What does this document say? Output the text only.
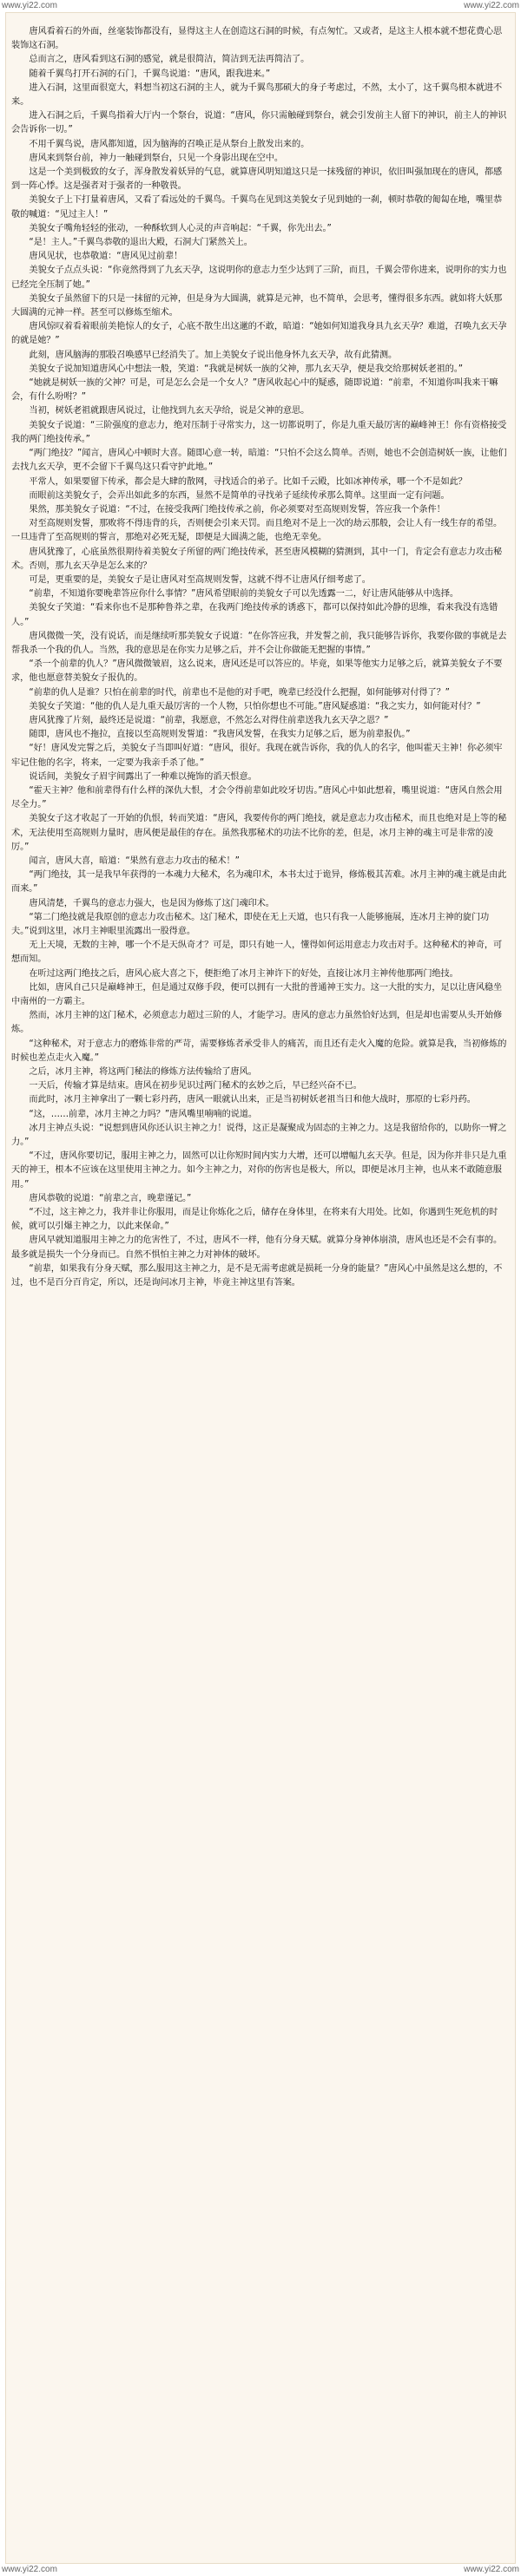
www.yi22.com	www.yi22.com

唐风看着石的外面，丝毫装饰都没有，显得这主人在创造这石洞的时候，有点匆忙。又或者，是这主人根本就不想花费心思装饰这石洞。

总而言之，唐风看到这石洞的感觉，就是很简洁，简洁到无法再简洁了。

随着千翼鸟打开石洞的石门，千翼鸟说道：“唐风，跟我进来。”

进入石洞，这里面很宽大，料想当初这石洞的主人，就为千翼鸟那硕大的身子考虑过，不然，太小了，这千翼鸟根本就进不来。

进入石洞之后，千翼鸟指着大厅内一个祭台，说道：“唐风，你只需触碰到祭台，就会引发前主人留下的神识，前主人的神识会告诉你一切。”

不用千翼鸟说，唐风都知道，因为脑海的召唤正是从祭台上散发出来的。

唐风来到祭台前，神力一触碰到祭台，只见一个身影出现在空中。

这是一个美到极致的女子，浑身散发着妖异的气息，就算唐风明知道这只是一抹残留的神识，依旧叫强加现在的唐风，都感到一阵心悸。这是强者对于强者的一种敬畏。

美貌女子上下打量着唐风，又看了看远处的千翼鸟。千翼鸟在见到这美貌女子见到她的一刹，顿时恭敬的匍匐在地，嘴里恭敬的喊道：“见过主人！”

美貌女子嘴角轻轻的张动，一种酥软到人心灵的声音响起：“千翼，你先出去。”

“是！主人。”千翼鸟恭敬的退出大殿，石洞大门紧然关上。

唐风见状，也恭敬道：“唐风见过前辈！

美貌女子点点头说：“你竟然得到了九玄天孕，这说明你的意志力至少达到了三阶，而且，千翼会带你进来，说明你的实力也已经完全压制了她。”

美貌女子虽然留下的只是一抹留的元神，但是身为大圆满，就算是元神，也不简单，会思考，懂得很多东西。就如将大妖那大圆满的元神一样。甚至可以修炼至缩术。

唐风惊叹着看着眼前美艳惊人的女子，心底不散生出这邋的不敢，暗道：“她如何知道我身具九玄天孕？难道，召唤九玄天孕的就是她？”

此刻，唐风脑海的那股召唤感早已经消失了。加上美貌女子说出他身怀九玄天孕，故有此猜测。

美貌女子说加知道唐风心中想法一般，笑道：“我就是树妖一族的父神，那九玄天孕，便是我交给那树妖老祖的。”

“她就是树妖一族的父神？可是，可是怎么会是一个女人？”唐风收起心中的疑惑，随即说道：“前辈，不知道你叫我来干嘛会，有什么吩咐？”

当初，树妖老祖就跟唐风说过，让他找到九玄天孕给，说是父神的意思。

美貌女子说道：“三阶强度的意志力，绝对压制于寻常实力，这一切都说明了，你是九重天最厉害的巅峰神王！你有资格接受我的两门绝技传承。”

“两门绝技？”闻言，唐风心中顿时大喜。随即心意一转，暗道：“只怕不会这么简单。否则，她也不会创造树妖一族，让他们去找九玄天孕，更不会留下千翼鸟这只看守护此地。”

平常人，如果要留下传承，都会是大肆的散网，寻找适合的弟子。比如千云殿，比如冰神传承，哪一个不是如此？

而眼前这美貌女子，会弄出如此多的东西，显然不是简单的寻找弟子延续传承那么简单。这里面一定有问题。

果然，那美貌女子说道：“不过，在接受我两门绝技传承之前，你必须要对至高规则发誓，答应我一个条件！

对至高规则发誓，那败将不得违背的兵，否则便会引来天罚。而且绝对不是上一次的劫云那般，会让人有一线生存的希望。一旦违背了至高规则的誓言，那绝对必死无疑，即便是大圆满之能，也绝无幸免。

唐风犹豫了，心底虽然很期待着美貌女子所留的两门绝技传承，甚至唐风模糊的猜测到，其中一门，肯定会有意志力攻击秘术。否则，那九玄天孕是怎么来的？

可是，更重要的是，美貌女子是让唐风对至高规则发誓，这就不得不让唐风仔细考虑了。

“前辈，不知道你要晚辈答应你什么事情？”唐风希望眼前的美貌女子可以先透露一二，好让唐风能够从中选择。

美貌女子笑道：“看来你也不是那种鲁莽之辈，在我两门绝技传承的诱惑下，都可以保持如此冷静的思维，看来我没有选错人。”

唐风微微一笑，没有说话，而是继续听那美貌女子说道：“在你答应我，并发誓之前，我只能够告诉你，我要你做的事就是去帮我杀一个我的仇人。当然，我的意思是在你实力足够之后，并不会让你做能无把握的事情。”

“杀一个前辈的仇人？”唐风微微皱眉，这么说来，唐风还是可以答应的。毕竟，如果等他实力足够之后，就算美貌女子不要求，他也愿意替美貌女子报仇的。

“前辈的仇人是谁？只怕在前辈的时代，前辈也不是他的对手吧，晚辈已经没什么把握，如何能够对付得了？”

美貌女子笑道：“他的仇人是九重天最厉害的一个人物，只怕你想也不可能。”唐风疑惑道：“我之实力，如何能对付？”

唐风犹豫了片刻，最终还是说道：“前辈，我愿意，不然怎么对得住前辈送我九玄天孕之恩？”

随即，唐风也不拖拉，直接以至高规则发誓道：“我唐风发誓，在我实力足够之后，愿为前辈报仇。”

“好！唐风发完誓之后，美貌女子当即叫好道：“唐风，很好。我现在就告诉你，我的仇人的名字，他叫霍天主神！你必须牢牢记住他的名字，将来，一定要为我亲手杀了他。”

说话间，美貌女子眉宇间露出了一种难以掩饰的滔天恨意。

“霍天主神？他和前辈得有什么样的深仇大恨，才会令得前辈如此咬牙切齿。”唐风心中如此想着，嘴里说道：“唐风自然会用尽全力。”

美貌女子这才收起了一开始的仇恨，转而笑道：“唐风，我要传你的两门绝技，就是意志力攻击秘术，而且也绝对是上等的秘术，无法使用至高规则力量时，唐风便是最佳的存在。虽然我那秘术的功法不比你的差，但是，冰月主神的魂主可是非常的凌厉。”

闻言，唐风大喜，暗道：“果然有意志力攻击的秘术！”

“两门绝技，其一是我早年获得的一本魂力大秘术，名为魂印术，本书太过于诡异，修炼极其苦难。冰月主神的魂主就是由此而来。”

唐风清楚，千翼鸟的意志力强大，也是因为修炼了这门魂印术。

“第二门绝技就是我原创的意志力攻击秘术。这门秘术，即使在无上天道，也只有我一人能够施展，连冰月主神的旋门功夫。”说到这里，冰月主神眼里流露出一股得意。

无上天境，无数的主神，哪一个不是天纵奇才？可是，即只有她一人，懂得如何运用意志力攻击对手。这种秘术的神奇，可想而知。

在听过这两门绝技之后，唐风心底大喜之下，便拒绝了冰月主神许下的好处，直接让冰月主神传他那两门绝技。

比如，唐风自己只是巅峰神王，但是通过双修手段，便可以拥有一大批的普通神王实力。这一大批的实力，足以让唐风稳坐中南州的一方霸主。

然而，冰月主神的这门秘术，必须意志力超过三阶的人，才能学习。唐风的意志力虽然恰好达到，但是却也需要从头开始修炼。

“这种秘术，对于意志力的磨炼非常的严苛，需要修炼者承受非人的痛苦，而且还有走火入魔的危险。就算是我，当初修炼的时候也差点走火入魔。”

之后，冰月主神，将这两门秘法的修炼方法传输给了唐风。

一天后，传输才算是结束。唐风在初步见识过两门秘术的玄妙之后，早已经兴奋不已。

而此时，冰月主神拿出了一颗七彩丹药，唐风一眼就认出来，正是当初树妖老祖当日和他大战时，那原的七彩丹药。

“这，……前辈，冰月主神之力吗？”唐风嘴里喃喃的说道。

冰月主神点头说：“说想到唐风你还认识主神之力！说得，这正是凝聚成为固态的主神之力。这是我留给你的，以助你一臂之力。”

“不过，唐风你要切记，服用主神之力，固然可以让你短时间内实力大增，还可以增幅九玄天孕。但是，因为你并非只是九重天的神王，根本不应该在这里使用主神之力。如今主神之力，对你的伤害也是极大，所以，即便是冰月主神，也从来不敢随意服用。”

唐风恭敬的说道：“前辈之言，晚辈谨记。”

“不过，这主神之力，我并非让你服用，而是让你炼化之后，储存在身体里，在将来有大用处。比如，你遇到生死危机的时候，就可以引爆主神之力，以此来保命。”

唐风早就知道服用主神之力的危害性了，不过，唐风不一样，他有分身天赋。就算分身神体崩溃，唐风也还是不会有事的。最多就是损失一个分身而已。自然不惧怕主神之力对神体的破坏。

“前辈，如果我有分身天赋，那么服用这主神之力，是不是无需考虑就是损耗一分身的能量？”唐风心中虽然是这么想的，不过，也不是百分百肯定，所以，还是询问冰月主神，毕竟主神这里有答案。

www.yi22.com	www.yi22.com
